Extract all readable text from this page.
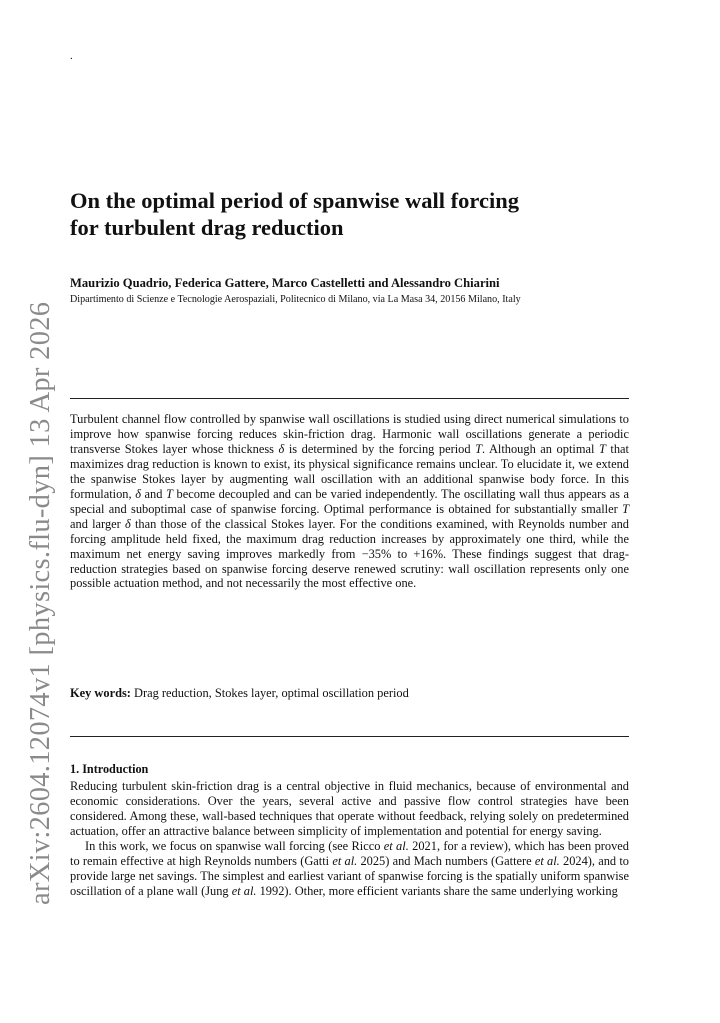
.
arXiv:2604.12074v1 [physics.flu-dyn] 13 Apr 2026
On the optimal period of spanwise wall forcing
for turbulent drag reduction

Maurizio Quadrio, Federica Gattere, Marco Castelletti and Alessandro Chiarini

Dipartimento di Scienze e Tecnologie Aerospaziali, Politecnico di Milano, via La Masa 34, 20156 Milano, Italy

Turbulent channel flow controlled by spanwise wall oscillations is studied using direct numerical simulations to improve how spanwise forcing reduces skin-friction drag. Harmonic wall oscillations generate a periodic transverse Stokes layer whose thickness δ is determined by the forcing period T. Although an optimal T that maximizes drag reduction is known to exist, its physical significance remains unclear. To elucidate it, we extend the spanwise Stokes layer by augmenting wall oscillation with an additional spanwise body force. In this formulation, δ and T become decoupled and can be varied independently. The oscillating wall thus appears as a special and suboptimal case of spanwise forcing. Optimal performance is obtained for substantially smaller T and larger δ than those of the classical Stokes layer. For the conditions examined, with Reynolds number and forcing amplitude held fixed, the maximum drag reduction increases by approximately one third, while the maximum net energy saving improves markedly from −35% to +16%. These findings suggest that drag-reduction strategies based on spanwise forcing deserve renewed scrutiny: wall oscillation represents only one possible actuation method, and not necessarily the most effective one.

Key words: Drag reduction, Stokes layer, optimal oscillation period

1. Introduction

Reducing turbulent skin-friction drag is a central objective in fluid mechanics, because of environmental and economic considerations. Over the years, several active and passive flow control strategies have been considered. Among these, wall-based techniques that operate without feedback, relying solely on predetermined actuation, offer an attractive balance between simplicity of implementation and potential for energy saving.

In this work, we focus on spanwise wall forcing (see Ricco et al. 2021, for a review), which has been proved to remain effective at high Reynolds numbers (Gatti et al. 2025) and Mach numbers (Gattere et al. 2024), and to provide large net savings. The simplest and earliest variant of spanwise forcing is the spatially uniform spanwise oscillation of a plane wall (Jung et al. 1992). Other, more efficient variants share the same underlying working
